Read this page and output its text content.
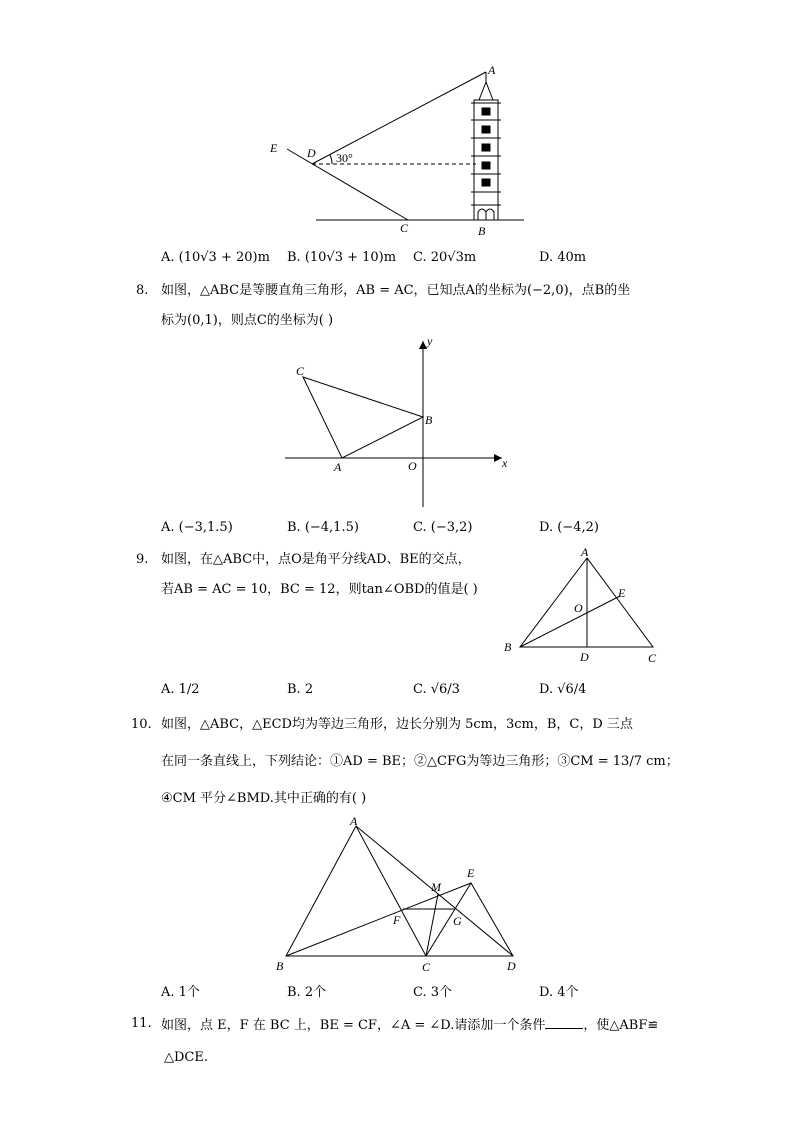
A
E D 30°
C	B
A. (10√3 + 20)m B. (10√3 + 10)m C. 20√3m	D. 40m
8. 如图，△ABC是等腰直角三角形，AB = AC，已知点A的坐标为(−2,0)，点B的坐
标为(0,1)，则点C的坐标为( )
C
B
A	O	x
y
A. (−3,1.5)	B. (−4,1.5)	C. (−3,2)	D. (−4,2)
9. 如图，在△ABC中，点O是角平分线AD、BE的交点，
若AB = AC = 10，BC = 12，则tan∠OBD的值是( )
A
B
C
D
E
O
A. 1/2	B. 2	C. √6/3	D. √6/4
10. 如图，△ABC，△ECD均为等边三角形，边长分别为 5cm，3cm，B，C，D 三点
在同一条直线上，下列结论：①AD = BE；②△CFG为等边三角形；③CM = 13/7 cm；
④CM 平分∠BMD.其中正确的有( )
A
B	C	D
E
F	G
M
A. 1个	B. 2个	C. 3个	D. 4个
11. 如图，点 E，F 在 BC 上，BE = CF，∠A = ∠D.请添加一个条件	，使△ABF≌
△DCE.
